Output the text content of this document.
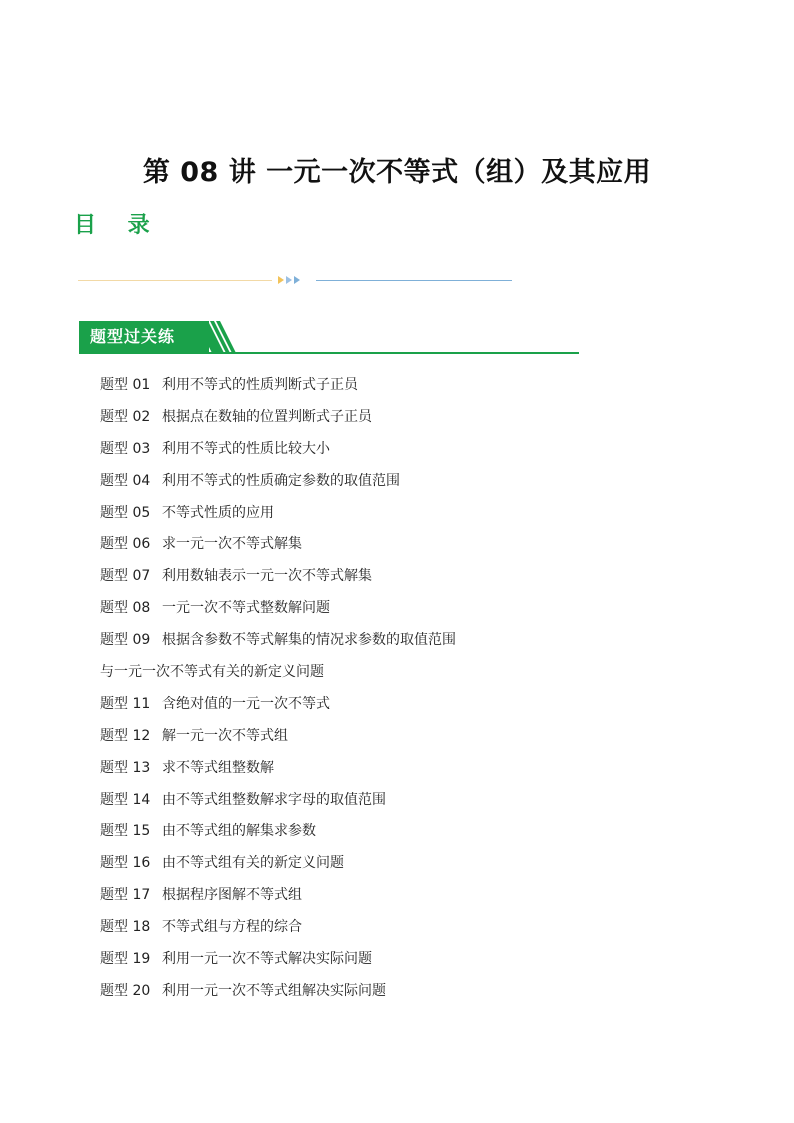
第 08 讲 一元一次不等式（组）及其应用
目 录
题型过关练
题型 01 利用不等式的性质判断式子正员
题型 02 根据点在数轴的位置判断式子正员
题型 03 利用不等式的性质比较大小
题型 04 利用不等式的性质确定参数的取值范围
题型 05 不等式性质的应用
题型 06 求一元一次不等式解集
题型 07 利用数轴表示一元一次不等式解集
题型 08 一元一次不等式整数解问题
题型 09 根据含参数不等式解集的情况求参数的取值范围
与一元一次不等式有关的新定义问题
题型 11 含绝对值的一元一次不等式
题型 12 解一元一次不等式组
题型 13 求不等式组整数解
题型 14 由不等式组整数解求字母的取值范围
题型 15 由不等式组的解集求参数
题型 16 由不等式组有关的新定义问题
题型 17 根据程序图解不等式组
题型 18 不等式组与方程的综合
题型 19 利用一元一次不等式解决实际问题
题型 20 利用一元一次不等式组解决实际问题
